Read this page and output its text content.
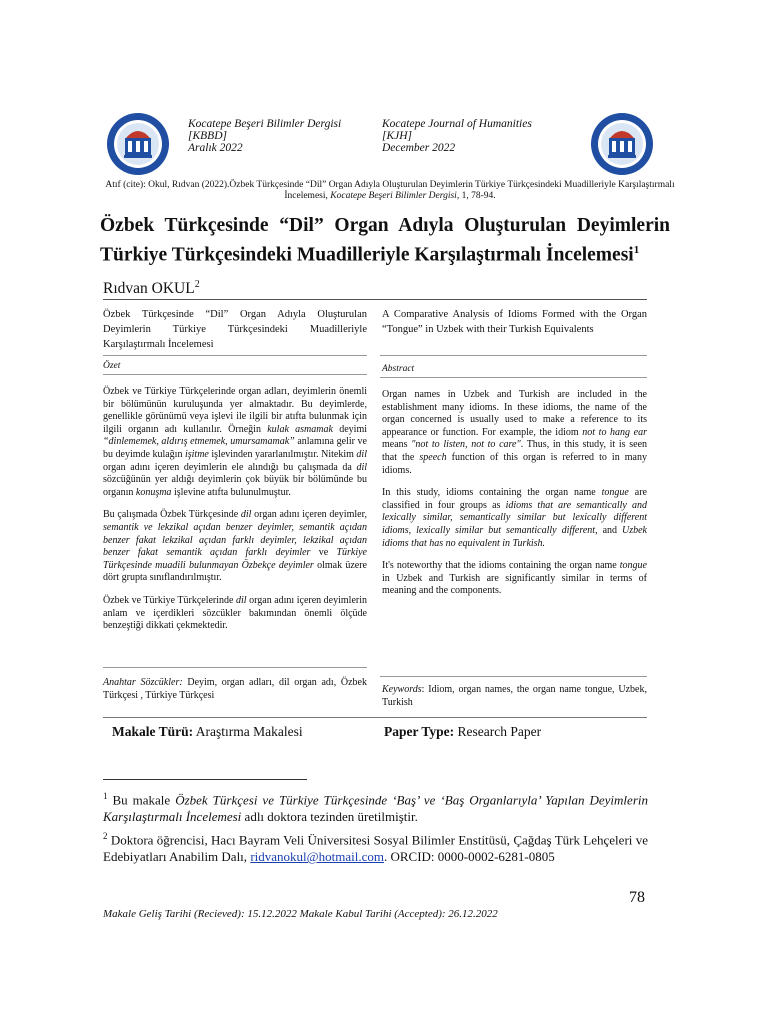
Kocatepe Beşeri Bilimler Dergisi
[KBBD]
Aralık 2022
Kocatepe Journal of Humanities
[KJH]
December 2022
Atıf (cite): Okul, Rıdvan (2022).Özbek Türkçesinde “Dil” Organ Adıyla Oluşturulan Deyimlerin Türkiye Türkçesindeki Muadilleriyle Karşılaştırmalı İncelemesi, Kocatepe Beşeri Bilimler Dergisi, 1, 78-94.
Özbek Türkçesinde “Dil” Organ Adıyla Oluşturulan Deyimlerin
Türkiye Türkçesindeki Muadilleriyle Karşılaştırmalı İncelemesi$^1$
Rıdvan OKUL$^2$
Özbek Türkçesinde “Dil” Organ Adıyla Oluşturulan Deyimlerin Türkiye Türkçesindeki Muadilleriyle Karşılaştırmalı İncelemesi
Özet

Özbek ve Türkiye Türkçelerinde organ adları, deyimlerin önemli bir bölümünün kuruluşunda yer almaktadır. Bu deyimlerde, genellikle görünümü veya işlevi ile ilgili bir atıfta bulunmak için ilgili organın adı kullanılır. Örneğin kulak asmamak deyimi “dinlememek, aldırış etmemek, umursamamak” anlamına gelir ve bu deyimde kulağın işitme işlevinden yararlanılmıştır. Nitekim dil organ adını içeren deyimlerin ele alındığı bu çalışmada da dil sözcüğünün yer aldığı deyimlerin çok büyük bir bölümünde bu organın konuşma işlevine atıfta bulunulmuştur.

Bu çalışmada Özbek Türkçesinde dil organ adını içeren deyimler, semantik ve lekzikal açıdan benzer deyimler, semantik açıdan benzer fakat lekzikal açıdan farklı deyimler, lekzikal açıdan benzer fakat semantik açıdan farklı deyimler ve Türkiye Türkçesinde muadili bulunmayan Özbekçe deyimler olmak üzere dört grupta sınıflandırılmıştır.

Özbek ve Türkiye Türkçelerinde dil organ adını içeren deyimlerin anlam ve içerdikleri sözcükler bakımından önemli ölçüde benzeştiği dikkati çekmektedir.

Anahtar Sözcükler: Deyim, organ adları, dil organ adı, Özbek Türkçesi , Türkiye Türkçesi
Makale Türü: Araştırma Makalesi
A Comparative Analysis of Idioms Formed with the Organ “Tongue” in Uzbek with their Turkish Equivalents
Abstract

Organ names in Uzbek and Turkish are included in the establishment many idioms. In these idioms, the name of the organ concerned is usually used to make a reference to its appearance or function. For example, the idiom not to hang ear means "not to listen, not to care". Thus, in this study, it is seen that the speech function of this organ is referred to in many idioms.

In this study, idioms containing the organ name tongue are classified in four groups as idioms that are semantically and lexically similar, semantically similar but lexically different idioms, lexically similar but semantically different, and Uzbek idioms that has no equivalent in Turkish.

It's noteworthy that the idioms containing the organ name tongue in Uzbek and Turkish are significantly similar in terms of meaning and the components.

Keywords: Idiom, organ names, the organ name tongue, Uzbek, Turkish
Paper Type: Research Paper
$^1$ Bu makale Özbek Türkçesi ve Türkiye Türkçesinde ‘Baş’ ve ‘Baş Organlarıyla’ Yapılan Deyimlerin Karşılaştırmalı İncelemesi adlı doktora tezinden üretilmiştir.
$^2$ Doktora öğrencisi, Hacı Bayram Veli Üniversitesi Sosyal Bilimler Enstitüsü, Çağdaş Türk Lehçeleri ve Edebiyatları Anabilim Dalı, ridvanokul@hotmail.com. ORCID: 0000-0002-6281-0805
78
Makale Geliş Tarihi (Recieved): 15.12.2022 Makale Kabul Tarihi (Accepted): 26.12.2022
